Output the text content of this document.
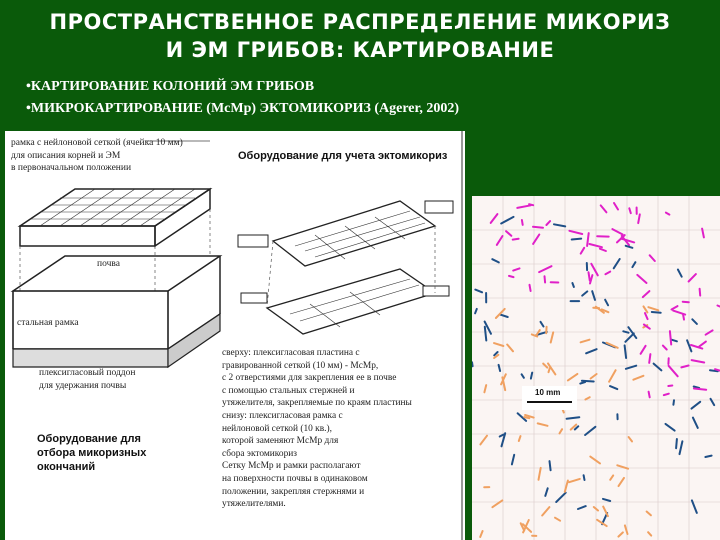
ПРОСТРАНСТВЕННОЕ РАСПРЕДЕЛЕНИЕ МИКОРИЗ
И ЭМ ГРИБОВ: КАРТИРОВАНИЕ
• КАРТИРОВАНИЕ КОЛОНИЙ ЭМ ГРИБОВ
• МИКРОКАРТИРОВАНИЕ (McMp) ЭКТОМИКОРИЗ (Agerer, 2002)
рамка с нейлоновой сеткой (ячейка 10 мм)
для описания корней и ЭМ
в первоначальном положении
почва
стальная рамка
плексигласовый поддон
для удержания почвы
Оборудование для учета эктомикориз
Оборудование для
отбора микоризных
окончаний
сверху: плексигласовая пластина с
гравированной сеткой (10 мм) - McMp,
с 2 отверстиями для закрепления ее в почве
с помощью стальных стержней и
утяжелителя, закрепляемые по краям пластины
снизу: плексигласовая рамка с
нейлоновой сеткой (10 кв.),
которой заменяют McMp для
сбора эктомикориз
Сетку McMp и рамки располагают
на поверхности почвы в одинаковом
положении, закрепляя стержнями и
утяжелителями.
10 mm
